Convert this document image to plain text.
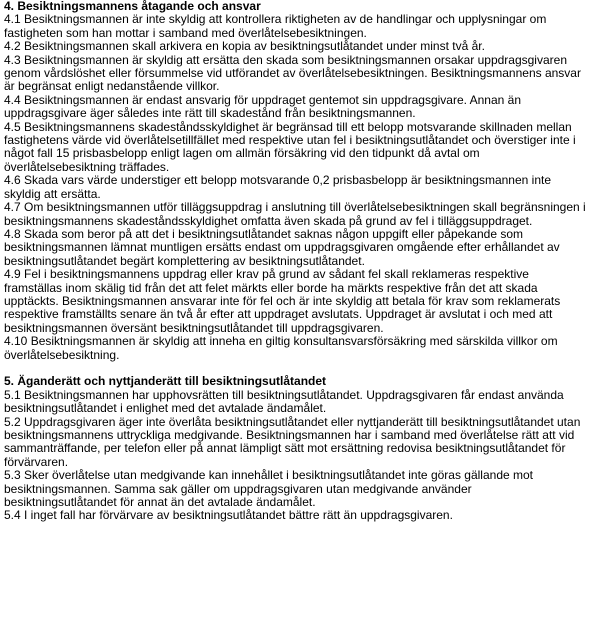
4. Besiktningsmannens åtagande och ansvar

4.1 Besiktningsmannen är inte skyldig att kontrollera riktigheten av de handlingar och upplysningar om fastigheten som han mottar i samband med överlåtelsebesiktningen.

4.2 Besiktningsmannen skall arkivera en kopia av besiktningsutlåtandet under minst två år.

4.3 Besiktningsmannen är skyldig att ersätta den skada som besiktningsmannen orsakar uppdragsgivaren genom vårdslöshet eller försummelse vid utförandet av överlåtelsebesiktningen. Besiktningsmannens ansvar är begränsat enligt nedanstående villkor.

4.4 Besiktningsmannen är endast ansvarig för uppdraget gentemot sin uppdragsgivare. Annan än uppdragsgivare äger således inte rätt till skadestånd från besiktningsmannen.

4.5 Besiktningsmannens skadeståndsskyldighet är begränsad till ett belopp motsvarande skillnaden mellan fastighetens värde vid överlåtelsetillfället med respektive utan fel i besiktningsutlåtandet och överstiger inte i något fall 15 prisbasbelopp enligt lagen om allmän försäkring vid den tidpunkt då avtal om överlåtelsebesiktning träffades.

4.6 Skada vars värde understiger ett belopp motsvarande 0,2 prisbasbelopp är besiktningsmannen inte skyldig att ersätta.

4.7 Om besiktningsmannen utför tilläggsuppdrag i anslutning till överlåtelsebesiktningen skall begränsningen i besiktningsmannens skadeståndsskyldighet omfatta även skada på grund av fel i tilläggsuppdraget.

4.8 Skada som beror på att det i besiktningsutlåtandet saknas någon uppgift eller påpekande som besiktningsmannen lämnat muntligen ersätts endast om uppdragsgivaren omgående efter erhållandet av besiktningsutlåtandet begärt komplettering av besiktningsutlåtandet.

4.9 Fel i besiktningsmannens uppdrag eller krav på grund av sådant fel skall reklameras respektive framställas inom skälig tid från det att felet märkts eller borde ha märkts respektive från det att skada upptäckts. Besiktningsmannen ansvarar inte för fel och är inte skyldig att betala för krav som reklamerats respektive framställts senare än två år efter att uppdraget avslutats. Uppdraget är avslutat i och med att besiktningsmannen översänt besiktningsutlåtandet till uppdragsgivaren.

4.10 Besiktningsmannen är skyldig att inneha en giltig konsultansvarsförsäkring med särskilda villkor om överlåtelsebesiktning.

5. Äganderätt och nyttjanderätt till besiktningsutlåtandet

5.1 Besiktningsmannen har upphovsrätten till besiktningsutlåtandet. Uppdragsgivaren får endast använda besiktningsutlåtandet i enlighet med det avtalade ändamålet.

5.2 Uppdragsgivaren äger inte överlåta besiktningsutlåtandet eller nyttjanderätt till besiktningsutlåtandet utan besiktningsmannens uttryckliga medgivande. Besiktningsmannen har i samband med överlåtelse rätt att vid sammanträffande, per telefon eller på annat lämpligt sätt mot ersättning redovisa besiktningsutlåtandet för förvärvaren.

5.3 Sker överlåtelse utan medgivande kan innehållet i besiktningsutlåtandet inte göras gällande mot besiktningsmannen. Samma sak gäller om uppdragsgivaren utan medgivande använder besiktningsutlåtandet för annat än det avtalade ändamålet.

5.4 I inget fall har förvärvare av besiktningsutlåtandet bättre rätt än uppdragsgivaren.
